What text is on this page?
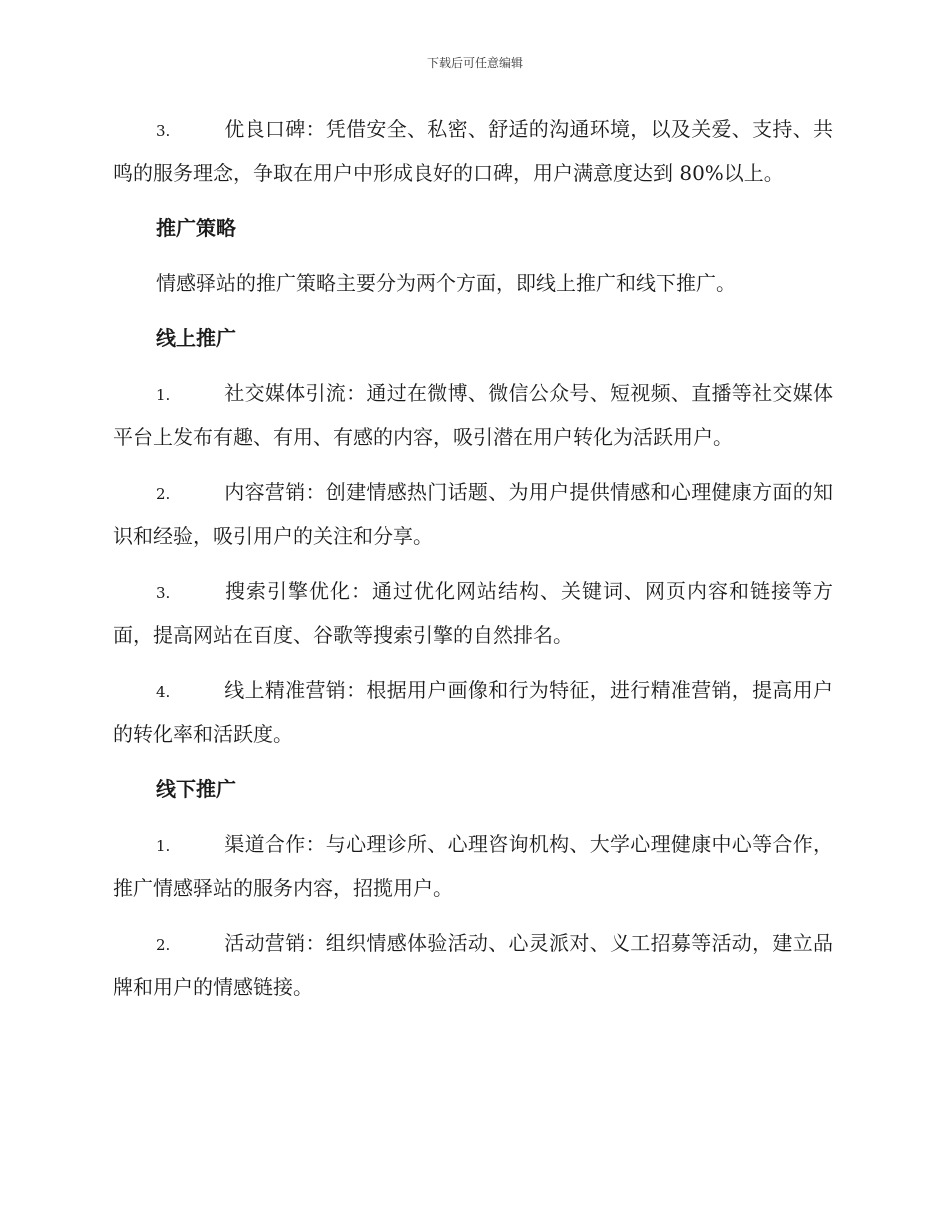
下载后可任意编辑

3.	优良口碑：凭借安全、私密、舒适的沟通环境，以及关爱、支持、共鸣的服务理念，争取在用户中形成良好的口碑，用户满意度达到 80%以上。

推广策略

情感驿站的推广策略主要分为两个方面，即线上推广和线下推广。

线上推广

1.	社交媒体引流：通过在微博、微信公众号、短视频、直播等社交媒体平台上发布有趣、有用、有感的内容，吸引潜在用户转化为活跃用户。

2.	内容营销：创建情感热门话题、为用户提供情感和心理健康方面的知识和经验，吸引用户的关注和分享。

3.	搜索引擎优化：通过优化网站结构、关键词、网页内容和链接等方面，提高网站在百度、谷歌等搜索引擎的自然排名。

4.	线上精准营销：根据用户画像和行为特征，进行精准营销，提高用户的转化率和活跃度。

线下推广

1.	渠道合作：与心理诊所、心理咨询机构、大学心理健康中心等合作，推广情感驿站的服务内容，招揽用户。

2.	活动营销：组织情感体验活动、心灵派对、义工招募等活动，建立品牌和用户的情感链接。
